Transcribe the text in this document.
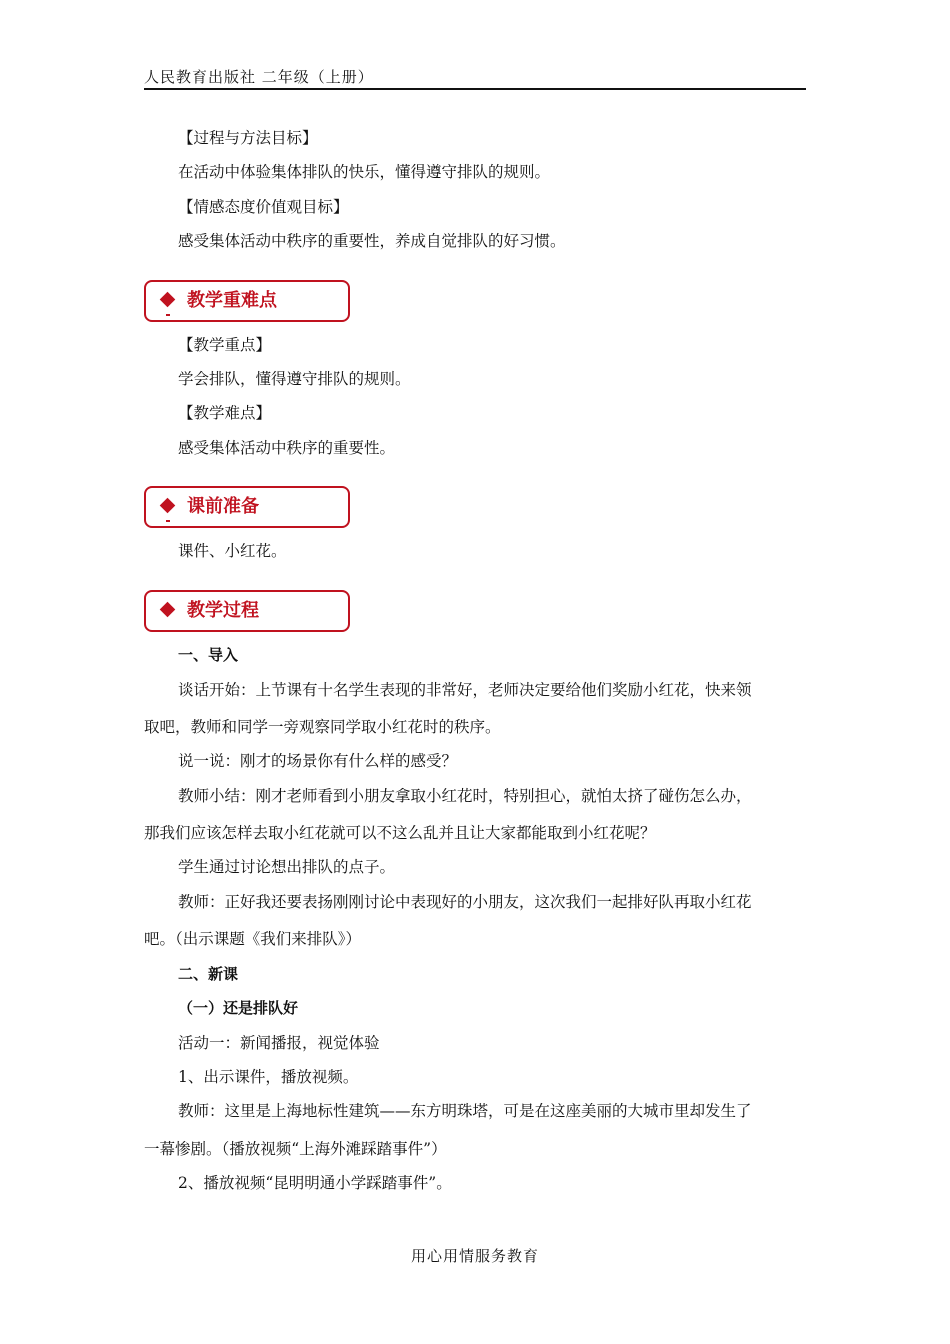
人民教育出版社 二年级（上册）
【过程与方法目标】
在活动中体验集体排队的快乐，懂得遵守排队的规则。
【情感态度价值观目标】
感受集体活动中秩序的重要性，养成自觉排队的好习惯。
教学重难点
【教学重点】
学会排队，懂得遵守排队的规则。
【教学难点】
感受集体活动中秩序的重要性。
课前准备
课件、小红花。
教学过程
一、导入
谈话开始：上节课有十名学生表现的非常好，老师决定要给他们奖励小红花，快来领
取吧，教师和同学一旁观察同学取小红花时的秩序。
说一说：刚才的场景你有什么样的感受？
教师小结：刚才老师看到小朋友拿取小红花时，特别担心，就怕太挤了碰伤怎么办，
那我们应该怎样去取小红花就可以不这么乱并且让大家都能取到小红花呢？
学生通过讨论想出排队的点子。
教师：正好我还要表扬刚刚讨论中表现好的小朋友，这次我们一起排好队再取小红花
吧。（出示课题《我们来排队》）
二、新课
（一）还是排队好
活动一：新闻播报，视觉体验
1、出示课件，播放视频。
教师：这里是上海地标性建筑——东方明珠塔，可是在这座美丽的大城市里却发生了
一幕惨剧。（播放视频“上海外滩踩踏事件”）
2、播放视频“昆明明通小学踩踏事件”。
用心用情服务教育
